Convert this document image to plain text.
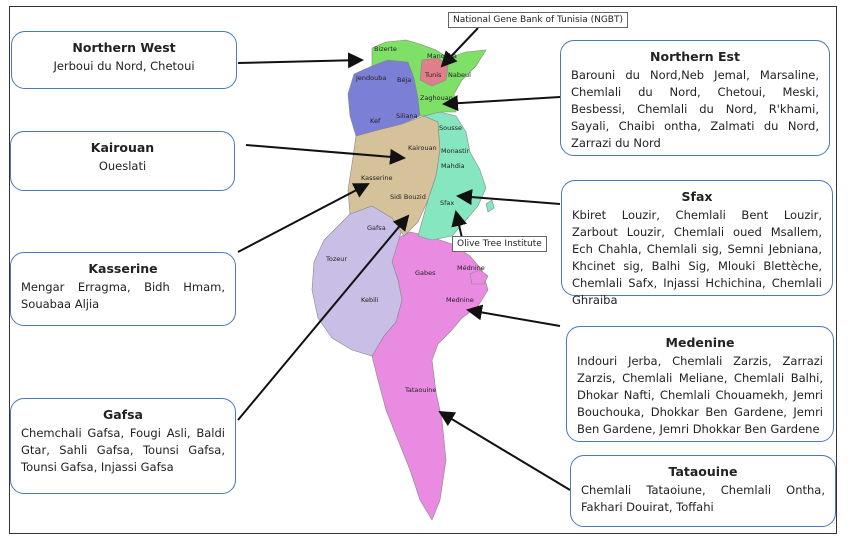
Bizerte
Manouba
Tunis Nabeul
Jendouba Béja
Zaghouan
Kef
Siliana
Sousse
Kairouan Monastir
Mahdia
Kasserine
Sidi Bouzid
Sfax
Gafsa
Tozeur
Gabes
Kebili
Médnine
Mednine
Tataouine
National Gene Bank of Tunisia (NGBT)
Olive Tree Institute
Northern West
Jerboui du Nord, Chetoui
Northern Est
Barouni du Nord,Neb Jemal, Marsaline, Chemlali du Nord, Chetoui, Meski, Besbessi, Chemlali du Nord, R'khami, Sayali, Chaibi ontha, Zalmati du Nord, Zarrazi du Nord
Kairouan
Oueslati
Sfax
Kbiret Louzir, Chemlali Bent Louzir, Zarbout Louzir, Chemlali oued Msallem, Ech Chahla, Chemlali sig, Semni Jebniana, Khcinet sig, Balhi Sig, Mlouki Blettèche, Chemlali Safx, Injassi Hchichina, Chemlali Ghraiba
Kasserine
Mengar Erragma, Bidh Hmam, Souabaa Aljia
Medenine
Indouri Jerba, Chemlali Zarzis, Zarrazi Zarzis, Chemlali Meliane, Chemlali Balhi, Dhokar Nafti, Chemlali Chouamekh, Jemri Bouchouka, Dhokkar Ben Gardene, Jemri Ben Gardene, Jemri Dhokkar Ben Gardene
Gafsa
Chemchali Gafsa, Fougi Asli, Baldi Gtar, Sahli Gafsa, Tounsi Gafsa, Tounsi Gafsa, Injassi Gafsa	Tataouine
Chemlali Tataoiune, Chemlali Ontha, Fakhari Douirat, Toffahi
